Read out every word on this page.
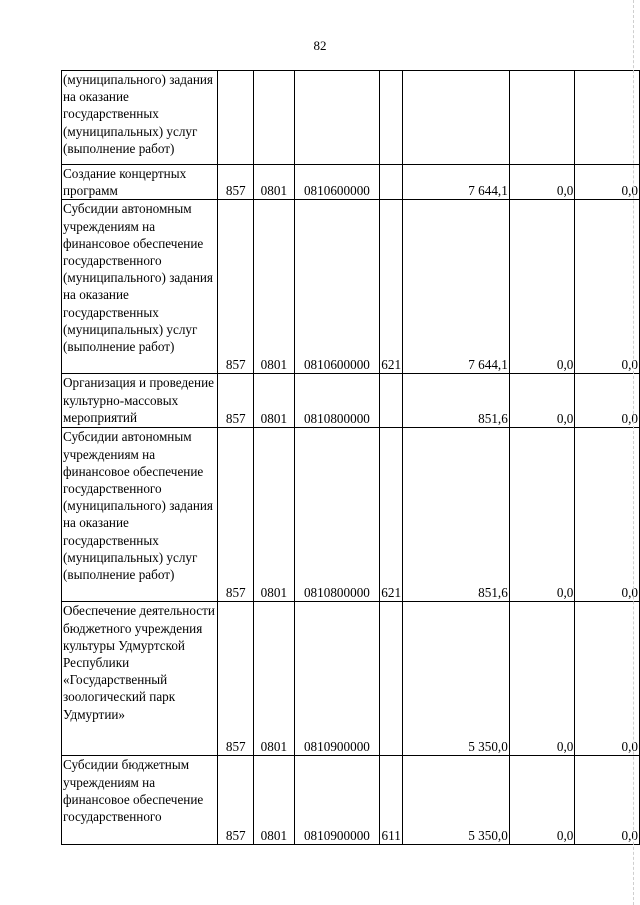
82
(муниципального) задания на оказание государственных (муниципальных) услуг (выполнение работ)							
Создание концертных программ	857	0801	0810600000		7 644,1	0,0	0,0
Субсидии автономным учреждениям на финансовое обеспечение государственного (муниципального) задания на оказание государственных (муниципальных) услуг (выполнение работ)	857	0801	0810600000	621	7 644,1	0,0	0,0
Организация и проведение культурно-массовых мероприятий	857	0801	0810800000		851,6	0,0	0,0
Субсидии автономным учреждениям на финансовое обеспечение государственного (муниципального) задания на оказание государственных (муниципальных) услуг (выполнение работ)	857	0801	0810800000	621	851,6	0,0	0,0
Обеспечение деятельности бюджетного учреждения культуры Удмуртской Республики «Государственный зоологический парк Удмуртии»	857	0801	0810900000		5 350,0	0,0	0,0
Субсидии бюджетным учреждениям на финансовое обеспечение государственного	857	0801	0810900000	611	5 350,0	0,0	0,0
